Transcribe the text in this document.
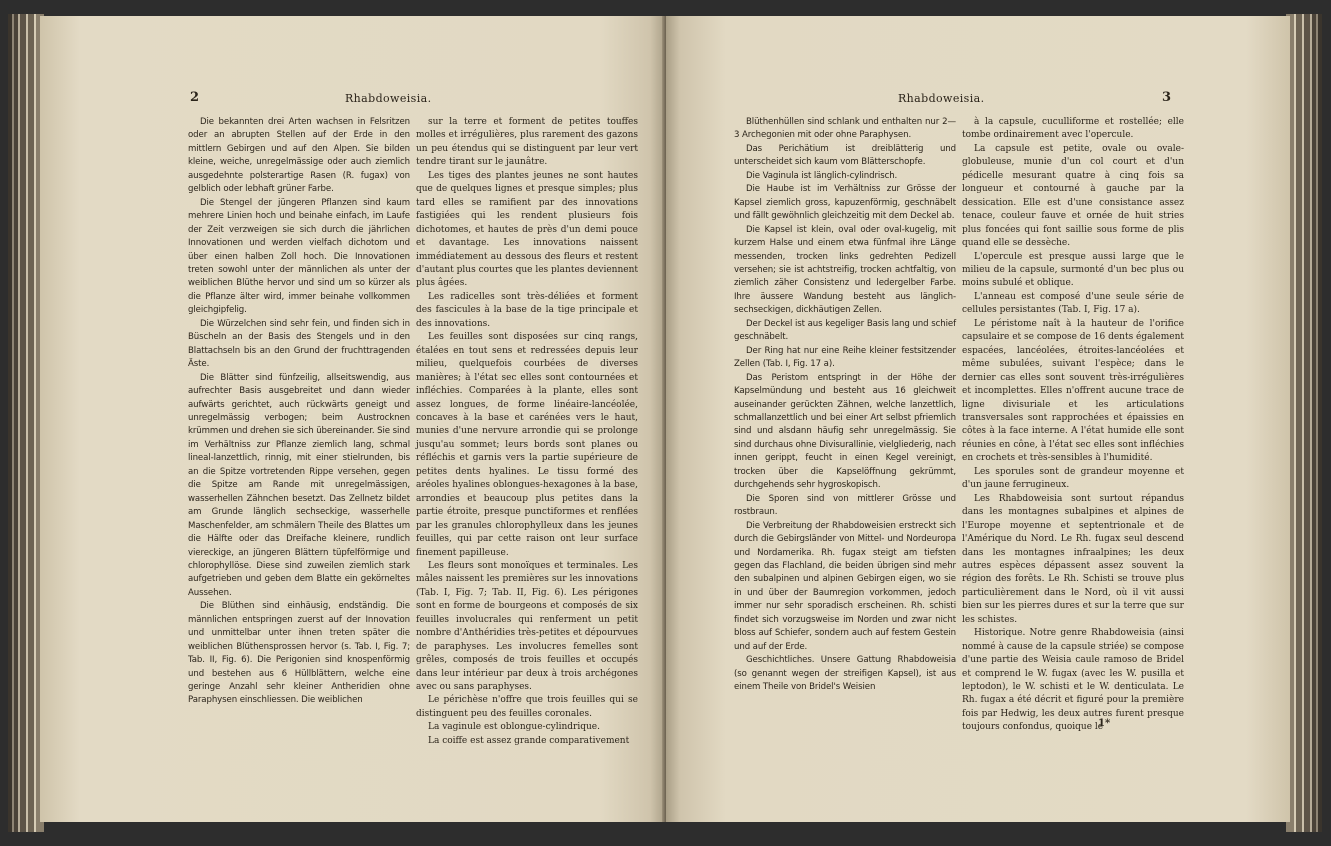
2	Rhabdoweisia.

Die bekannten drei Arten wachsen in Felsritzen oder an abrupten Stellen auf der Erde in den mittlern Gebirgen und auf den Alpen. Sie bilden kleine, weiche, unregelmässige oder auch ziemlich ausgedehnte polsterartige Rasen (R. fugax) von gelblich oder lebhaft grüner Farbe.

Die Stengel der jüngeren Pflanzen sind kaum mehrere Linien hoch und beinahe einfach, im Laufe der Zeit verzweigen sie sich durch die jährlichen Innovationen und werden vielfach dichotom und über einen halben Zoll hoch. Die Innovationen treten sowohl unter der männlichen als unter der weiblichen Blüthe hervor und sind um so kürzer als die Pflanze älter wird, immer beinahe vollkommen gleichgipfelig.

Die Würzelchen sind sehr fein, und finden sich in Büscheln an der Basis des Stengels und in den Blattachseln bis an den Grund der fruchttragenden Äste.

Die Blätter sind fünfzeilig, allseitswendig, aus aufrechter Basis ausgebreitet und dann wieder aufwärts gerichtet, auch rückwärts geneigt und unregelmässig verbogen; beim Austrocknen krümmen und drehen sie sich übereinander. Sie sind im Verhältniss zur Pflanze ziemlich lang, schmal lineal-lanzettlich, rinnig, mit einer stielrunden, bis an die Spitze vortretenden Rippe versehen, gegen die Spitze am Rande mit unregelmässigen, wasserhellen Zähnchen besetzt. Das Zellnetz bildet am Grunde länglich sechseckige, wasserhelle Maschenfelder, am schmälern Theile des Blattes um die Hälfte oder das Dreifache kleinere, rundlich viereckige, an jüngeren Blättern tüpfelförmige und chlorophyllöse. Diese sind zuweilen ziemlich stark aufgetrieben und geben dem Blatte ein gekörneltes Aussehen.

Die Blüthen sind einhäusig, endständig. Die männlichen entspringen zuerst auf der Innovation und unmittelbar unter ihnen treten später die weiblichen Blüthensprossen hervor (s. Tab. I, Fig. 7; Tab. II, Fig. 6). Die Perigonien sind knospenförmig und bestehen aus 6 Hüllblättern, welche eine geringe Anzahl sehr kleiner Antheridien ohne Paraphysen einschliessen. Die weiblichen

sur la terre et forment de petites touffes molles et irrégulières, plus rarement des gazons un peu étendus qui se distinguent par leur vert tendre tirant sur le jaunâtre.

Les tiges des plantes jeunes ne sont hautes que de quelques lignes et presque simples; plus tard elles se ramifient par des innovations fastigiées qui les rendent plusieurs fois dichotomes, et hautes de près d'un demi pouce et davantage. Les innovations naissent immédiatement au dessous des fleurs et restent d'autant plus courtes que les plantes deviennent plus âgées.

Les radicelles sont très-déliées et forment des fascicules à la base de la tige principale et des innovations.

Les feuilles sont disposées sur cinq rangs, étalées en tout sens et redressées depuis leur milieu, quelquefois courbées de diverses manières; à l'état sec elles sont contournées et infléchies. Comparées à la plante, elles sont assez longues, de forme linéaire-lancéolée, concaves à la base et carénées vers le haut, munies d'une nervure arrondie qui se prolonge jusqu'au sommet; leurs bords sont planes ou réfléchis et garnis vers la partie supérieure de petites dents hyalines. Le tissu formé des aréoles hyalines oblongues-hexagones à la base, arrondies et beaucoup plus petites dans la partie étroite, presque punctiformes et renflées par les granules chlorophylleux dans les jeunes feuilles, qui par cette raison ont leur surface finement papilleuse.

Les fleurs sont monoïques et terminales. Les mâles naissent les premières sur les innovations (Tab. I, Fig. 7; Tab. II, Fig. 6). Les périgones sont en forme de bourgeons et composés de six feuilles involucrales qui renferment un petit nombre d'Anthéridies très-petites et dépourvues de paraphyses. Les involucres femelles sont grêles, composés de trois feuilles et occupés dans leur intérieur par deux à trois archégones avec ou sans paraphyses.

Le périchèse n'offre que trois feuilles qui se distinguent peu des feuilles coronales.

La vaginule est oblongue-cylindrique.

La coiffe est assez grande comparativement

Rhabdoweisia.	3

Blüthenhüllen sind schlank und enthalten nur 2—3 Archegonien mit oder ohne Paraphysen.

Das Perichätium ist dreiblätterig und unterscheidet sich kaum vom Blätterschopfe.

Die Vaginula ist länglich-cylindrisch.

Die Haube ist im Verhältniss zur Grösse der Kapsel ziemlich gross, kapuzenförmig, geschnäbelt und fällt gewöhnlich gleichzeitig mit dem Deckel ab.

Die Kapsel ist klein, oval oder oval-kugelig, mit kurzem Halse und einem etwa fünfmal ihre Länge messenden, trocken links gedrehten Pedizell versehen; sie ist achtstreifig, trocken achtfaltig, von ziemlich zäher Consistenz und ledergelber Farbe. Ihre äussere Wandung besteht aus länglich-sechseckigen, dickhäutigen Zellen.

Der Deckel ist aus kegeliger Basis lang und schief geschnäbelt.

Der Ring hat nur eine Reihe kleiner festsitzender Zellen (Tab. I, Fig. 17 a).

Das Peristom entspringt in der Höhe der Kapselmündung und besteht aus 16 gleichweit auseinander gerückten Zähnen, welche lanzettlich, schmallanzettlich und bei einer Art selbst pfriemlich sind und alsdann häufig sehr unregelmässig. Sie sind durchaus ohne Divisurallinie, vielgliederig, nach innen gerippt, feucht in einen Kegel vereinigt, trocken über die Kapselöffnung gekrümmt, durchgehends sehr hygroskopisch.

Die Sporen sind von mittlerer Grösse und rostbraun.

Die Verbreitung der Rhabdoweisien erstreckt sich durch die Gebirgsländer von Mittel- und Nordeuropa und Nordamerika. Rh. fugax steigt am tiefsten gegen das Flachland, die beiden übrigen sind mehr den subalpinen und alpinen Gebirgen eigen, wo sie in und über der Baumregion vorkommen, jedoch immer nur sehr sporadisch erscheinen. Rh. schisti findet sich vorzugsweise im Norden und zwar nicht bloss auf Schiefer, sondern auch auf festem Gestein und auf der Erde.

Geschichtliches. Unsere Gattung Rhabdoweisia (so genannt wegen der streifigen Kapsel), ist aus einem Theile von Bridel's Weisien

à la capsule, cuculliforme et rostellée; elle tombe ordinairement avec l'opercule.

La capsule est petite, ovale ou ovale-globuleuse, munie d'un col court et d'un pédicelle mesurant quatre à cinq fois sa longueur et contourné à gauche par la dessication. Elle est d'une consistance assez tenace, couleur fauve et ornée de huit stries plus foncées qui font saillie sous forme de plis quand elle se dessèche.

L'opercule est presque aussi large que le milieu de la capsule, surmonté d'un bec plus ou moins subulé et oblique.

L'anneau est composé d'une seule série de cellules persistantes (Tab. I, Fig. 17 a).

Le péristome naît à la hauteur de l'orifice capsulaire et se compose de 16 dents également espacées, lancéolées, étroites-lancéolées et même subulées, suivant l'espèce; dans le dernier cas elles sont souvent très-irrégulières et incomplettes. Elles n'offrent aucune trace de ligne divisuriale et les articulations transversales sont rapprochées et épaissies en côtes à la face interne. A l'état humide elle sont réunies en cône, à l'état sec elles sont infléchies en crochets et très-sensibles à l'humidité.

Les sporules sont de grandeur moyenne et d'un jaune ferrugineux.

Les Rhabdoweisia sont surtout répandus dans les montagnes subalpines et alpines de l'Europe moyenne et septentrionale et de l'Amérique du Nord. Le Rh. fugax seul descend dans les montagnes infraalpines; les deux autres espèces dépassent assez souvent la région des forêts. Le Rh. Schisti se trouve plus particulièrement dans le Nord, où il vit aussi bien sur les pierres dures et sur la terre que sur les schistes.

Historique. Notre genre Rhabdoweisia (ainsi nommé à cause de la capsule striée) se compose d'une partie des Weisia caule ramoso de Bridel et comprend le W. fugax (avec les W. pusilla et leptodon), le W. schisti et le W. denticulata. Le Rh. fugax a été décrit et figuré pour la première fois par Hedwig, les deux autres furent presque toujours confondus, quoique le

1*
